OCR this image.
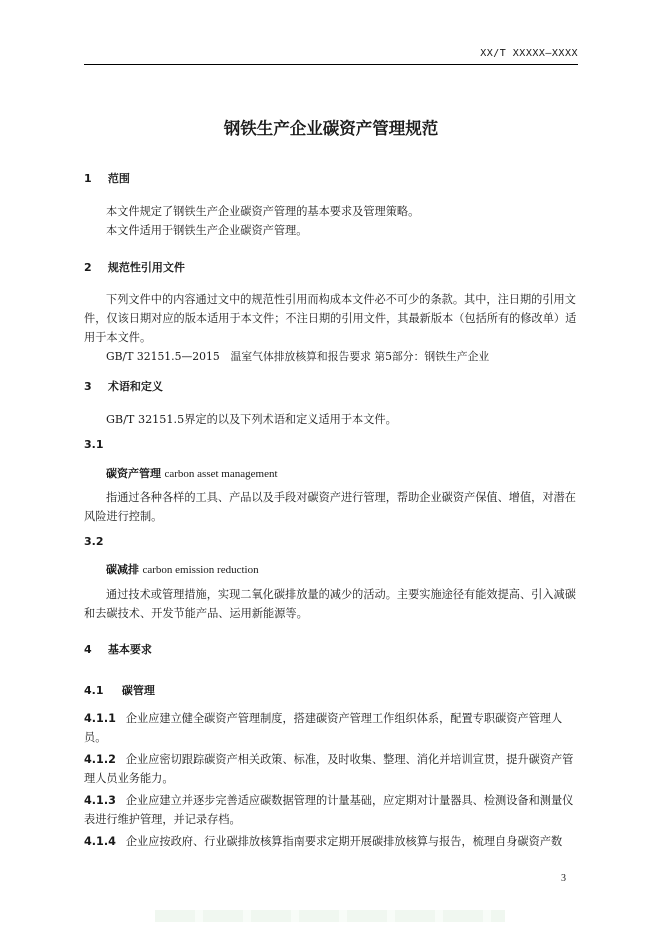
XX/T XXXXX—XXXX
钢铁生产企业碳资产管理规范
1 范围

本文件规定了钢铁生产企业碳资产管理的基本要求及管理策略。

本文件适用于钢铁生产企业碳资产管理。

2 规范性引用文件

下列文件中的内容通过文中的规范性引用而构成本文件必不可少的条款。其中，注日期的引用文件，仅该日期对应的版本适用于本文件；不注日期的引用文件，其最新版本（包括所有的修改单）适用于本文件。

GB/T 32151.5—2015　温室气体排放核算和报告要求 第5部分：钢铁生产企业

3 术语和定义

GB/T 32151.5界定的以及下列术语和定义适用于本文件。

3.1
碳资产管理 carbon asset management

指通过各种各样的工具、产品以及手段对碳资产进行管理，帮助企业碳资产保值、增值，对潜在风险进行控制。

3.2
碳减排 carbon emission reduction

通过技术或管理措施，实现二氧化碳排放量的减少的活动。主要实施途径有能效提高、引入减碳和去碳技术、开发节能产品、运用新能源等。

4 基本要求
4.1 碳管理

4.1.1 企业应建立健全碳资产管理制度，搭建碳资产管理工作组织体系，配置专职碳资产管理人员。

4.1.2 企业应密切跟踪碳资产相关政策、标准，及时收集、整理、消化并培训宣贯，提升碳资产管理人员业务能力。

4.1.3 企业应建立并逐步完善适应碳数据管理的计量基础，应定期对计量器具、检测设备和测量仪表进行维护管理，并记录存档。

4.1.4 企业应按政府、行业碳排放核算指南要求定期开展碳排放核算与报告，梳理自身碳资产数

3
